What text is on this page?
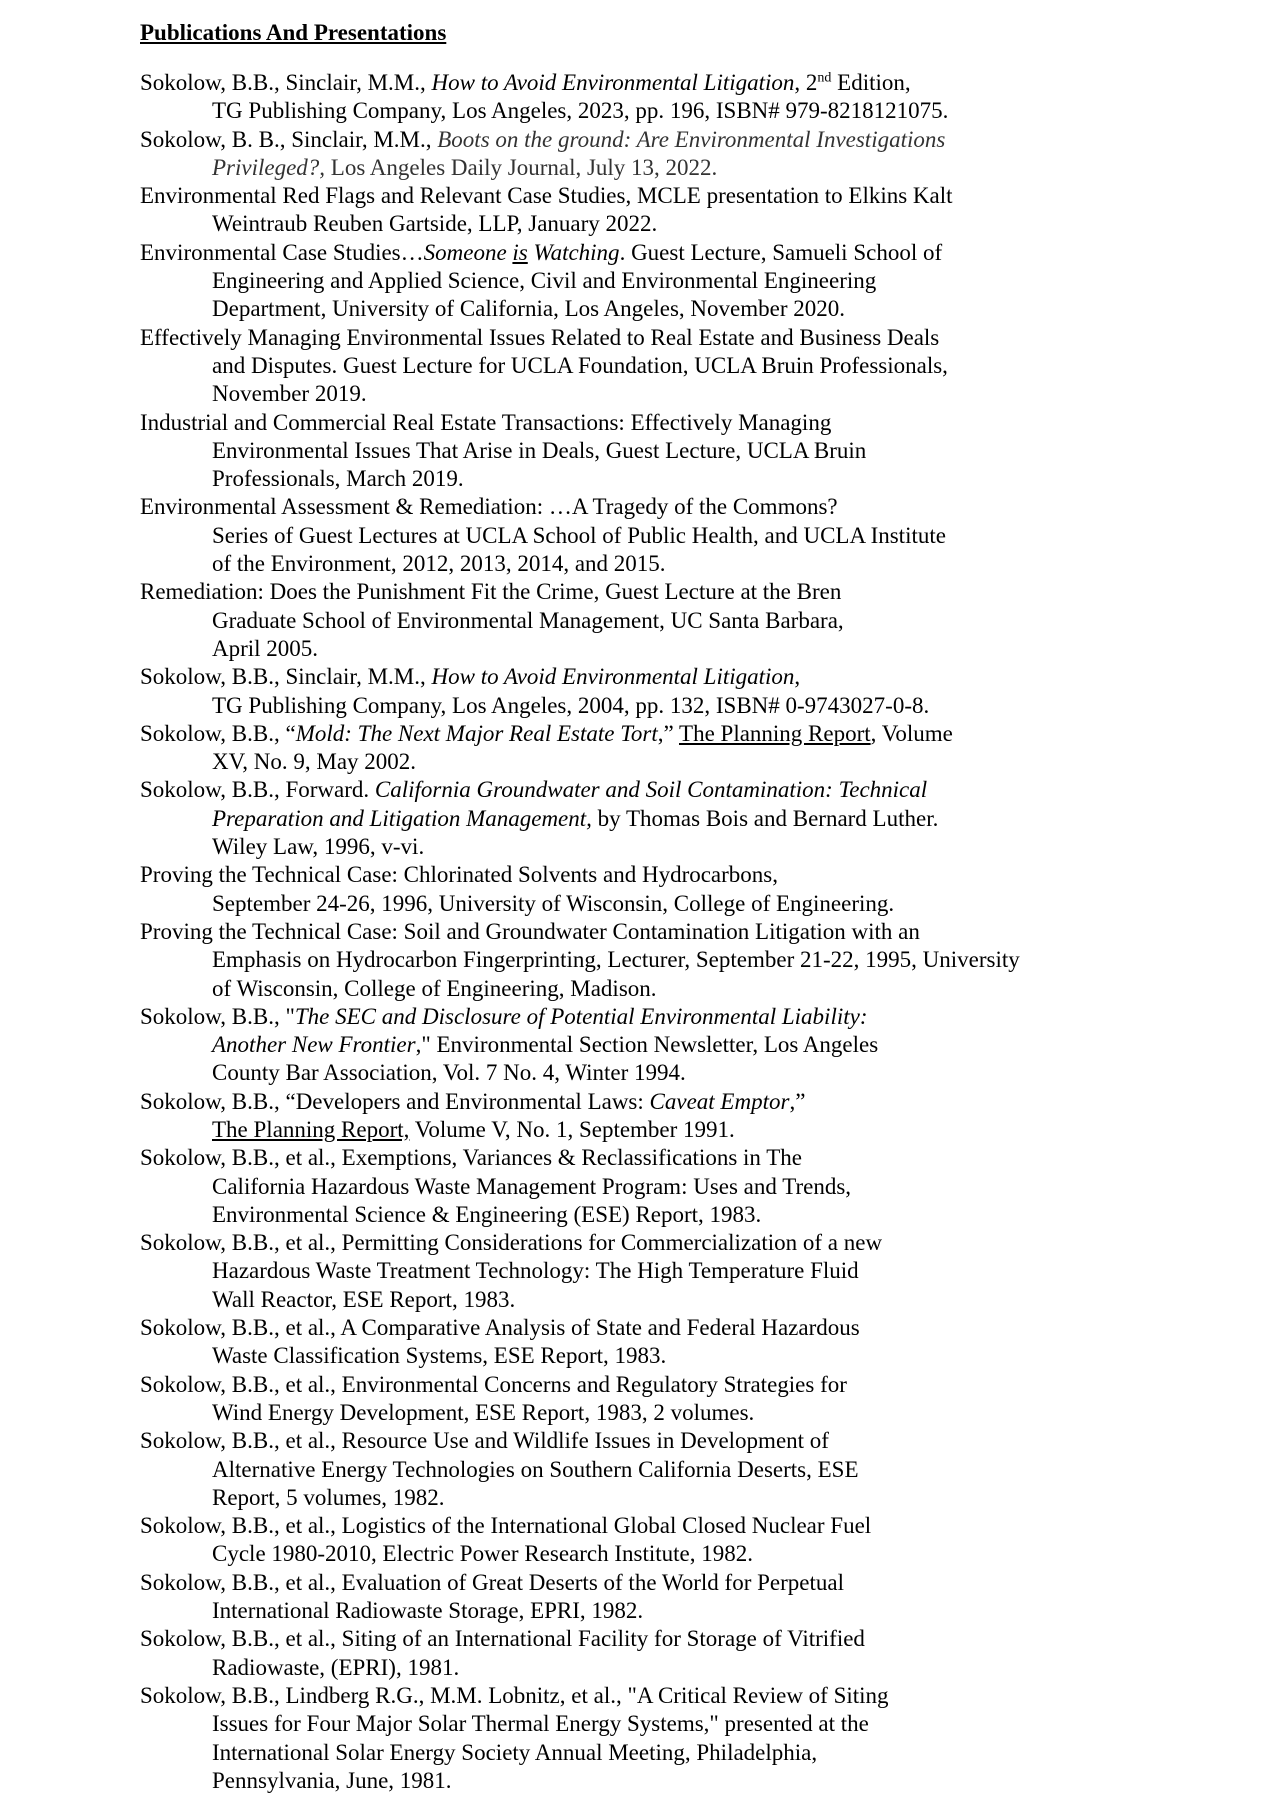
Publications And Presentations
Sokolow, B.B., Sinclair, M.M., How to Avoid Environmental Litigation, 2nd Edition,
TG Publishing Company, Los Angeles, 2023, pp. 196, ISBN# 979-8218121075.
Sokolow, B. B., Sinclair, M.M., Boots on the ground: Are Environmental Investigations
Privileged?, Los Angeles Daily Journal, July 13, 2022.
Environmental Red Flags and Relevant Case Studies, MCLE presentation to Elkins Kalt
Weintraub Reuben Gartside, LLP, January 2022.
Environmental Case Studies…Someone is Watching. Guest Lecture, Samueli School of
Engineering and Applied Science, Civil and Environmental Engineering
Department, University of California, Los Angeles, November 2020.
Effectively Managing Environmental Issues Related to Real Estate and Business Deals
and Disputes. Guest Lecture for UCLA Foundation, UCLA Bruin Professionals,
November 2019.
Industrial and Commercial Real Estate Transactions: Effectively Managing
Environmental Issues That Arise in Deals, Guest Lecture, UCLA Bruin
Professionals, March 2019.
Environmental Assessment & Remediation: …A Tragedy of the Commons?
Series of Guest Lectures at UCLA School of Public Health, and UCLA Institute
of the Environment, 2012, 2013, 2014, and 2015.
Remediation: Does the Punishment Fit the Crime, Guest Lecture at the Bren
Graduate School of Environmental Management, UC Santa Barbara,
April 2005.
Sokolow, B.B., Sinclair, M.M., How to Avoid Environmental Litigation,
TG Publishing Company, Los Angeles, 2004, pp. 132, ISBN# 0-9743027-0-8.
Sokolow, B.B., “Mold: The Next Major Real Estate Tort,” The Planning Report, Volume
XV, No. 9, May 2002.
Sokolow, B.B., Forward. California Groundwater and Soil Contamination: Technical
Preparation and Litigation Management, by Thomas Bois and Bernard Luther.
Wiley Law, 1996, v-vi.
Proving the Technical Case: Chlorinated Solvents and Hydrocarbons,
September 24-26, 1996, University of Wisconsin, College of Engineering.
Proving the Technical Case: Soil and Groundwater Contamination Litigation with an
Emphasis on Hydrocarbon Fingerprinting, Lecturer, September 21-22, 1995, University
of Wisconsin, College of Engineering, Madison.
Sokolow, B.B., "The SEC and Disclosure of Potential Environmental Liability:
Another New Frontier," Environmental Section Newsletter, Los Angeles
County Bar Association, Vol. 7 No. 4, Winter 1994.
Sokolow, B.B., “Developers and Environmental Laws: Caveat Emptor,”
The Planning Report, Volume V, No. 1, September 1991.
Sokolow, B.B., et al., Exemptions, Variances & Reclassifications in The
California Hazardous Waste Management Program: Uses and Trends,
Environmental Science & Engineering (ESE) Report, 1983.
Sokolow, B.B., et al., Permitting Considerations for Commercialization of a new
Hazardous Waste Treatment Technology: The High Temperature Fluid
Wall Reactor, ESE Report, 1983.
Sokolow, B.B., et al., A Comparative Analysis of State and Federal Hazardous
Waste Classification Systems, ESE Report, 1983.
Sokolow, B.B., et al., Environmental Concerns and Regulatory Strategies for
Wind Energy Development, ESE Report, 1983, 2 volumes.
Sokolow, B.B., et al., Resource Use and Wildlife Issues in Development of
Alternative Energy Technologies on Southern California Deserts, ESE
Report, 5 volumes, 1982.
Sokolow, B.B., et al., Logistics of the International Global Closed Nuclear Fuel
Cycle 1980-2010, Electric Power Research Institute, 1982.
Sokolow, B.B., et al., Evaluation of Great Deserts of the World for Perpetual
International Radiowaste Storage, EPRI, 1982.
Sokolow, B.B., et al., Siting of an International Facility for Storage of Vitrified
Radiowaste, (EPRI), 1981.
Sokolow, B.B., Lindberg R.G., M.M. Lobnitz, et al., "A Critical Review of Siting
Issues for Four Major Solar Thermal Energy Systems," presented at the
International Solar Energy Society Annual Meeting, Philadelphia,
Pennsylvania, June, 1981.
